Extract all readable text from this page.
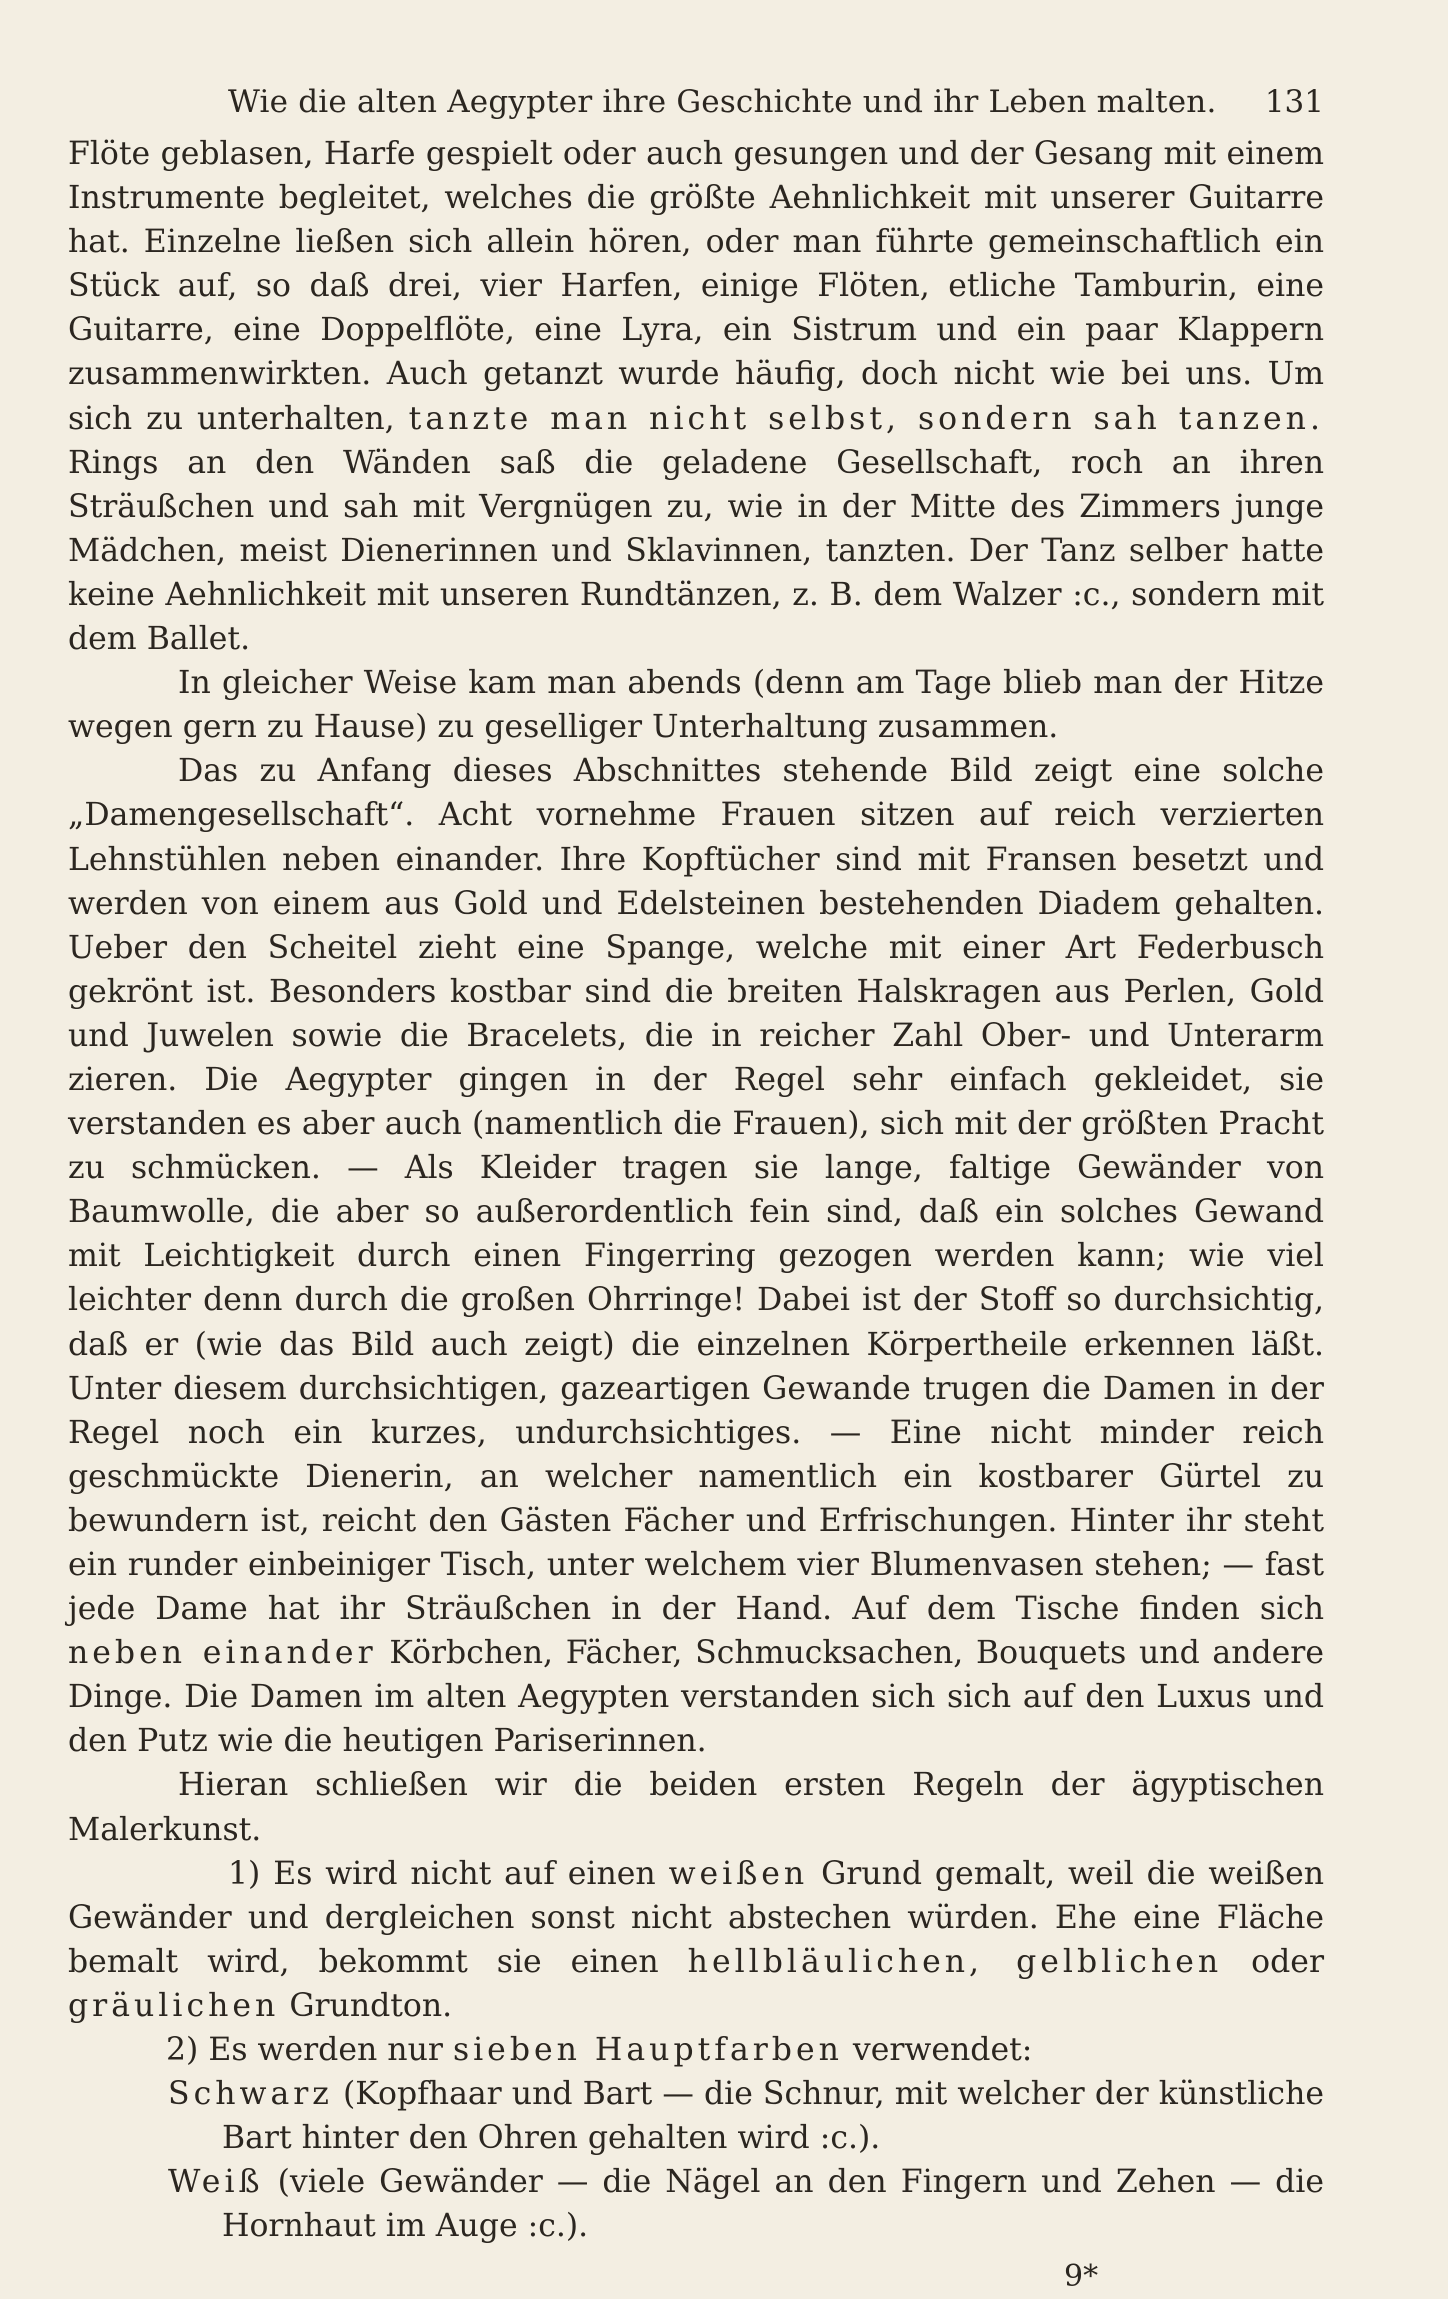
Wie die alten Aegypter ihre Geschichte und ihr Leben malten. 131

Flöte geblasen, Harfe gespielt oder auch gesungen und der Gesang mit einem Instrumente begleitet, welches die größte Aehnlichkeit mit unserer Guitarre hat. Einzelne ließen sich allein hören, oder man führte gemeinschaftlich ein Stück auf, so daß drei, vier Harfen, einige Flöten, etliche Tamburin, eine Guitarre, eine Doppelflöte, eine Lyra, ein Sistrum und ein paar Klappern zusammenwirkten. Auch getanzt wurde häufig, doch nicht wie bei uns. Um sich zu unterhalten, tanzte man nicht selbst, sondern sah tanzen. Rings an den Wänden saß die geladene Gesellschaft, roch an ihren Sträußchen und sah mit Vergnügen zu, wie in der Mitte des Zimmers junge Mädchen, meist Dienerinnen und Sklavinnen, tanzten. Der Tanz selber hatte keine Aehnlichkeit mit unseren Rundtänzen, z. B. dem Walzer :c., sondern mit dem Ballet.

In gleicher Weise kam man abends (denn am Tage blieb man der Hitze wegen gern zu Hause) zu geselliger Unterhaltung zusammen.

Das zu Anfang dieses Abschnittes stehende Bild zeigt eine solche „Damengesellschaft“. Acht vornehme Frauen sitzen auf reich verzierten Lehnstühlen neben einander. Ihre Kopftücher sind mit Fransen besetzt und werden von einem aus Gold und Edelsteinen bestehenden Diadem gehalten. Ueber den Scheitel zieht eine Spange, welche mit einer Art Federbusch gekrönt ist. Besonders kostbar sind die breiten Halskragen aus Perlen, Gold und Juwelen sowie die Bracelets, die in reicher Zahl Ober- und Unterarm zieren. Die Aegypter gingen in der Regel sehr einfach gekleidet, sie verstanden es aber auch (namentlich die Frauen), sich mit der größten Pracht zu schmücken. — Als Kleider tragen sie lange, faltige Gewänder von Baumwolle, die aber so außerordentlich fein sind, daß ein solches Gewand mit Leichtigkeit durch einen Fingerring gezogen werden kann; wie viel leichter denn durch die großen Ohrringe! Dabei ist der Stoff so durchsichtig, daß er (wie das Bild auch zeigt) die einzelnen Körpertheile erkennen läßt. Unter diesem durchsichtigen, gazeartigen Gewande trugen die Damen in der Regel noch ein kurzes, undurchsichtiges. — Eine nicht minder reich geschmückte Dienerin, an welcher namentlich ein kostbarer Gürtel zu bewundern ist, reicht den Gästen Fächer und Erfrischungen. Hinter ihr steht ein runder einbeiniger Tisch, unter welchem vier Blumenvasen stehen; — fast jede Dame hat ihr Sträußchen in der Hand. Auf dem Tische finden sich neben einander Körbchen, Fächer, Schmucksachen, Bouquets und andere Dinge. Die Damen im alten Aegypten verstanden sich sich auf den Luxus und den Putz wie die heutigen Pariserinnen.

Hieran schließen wir die beiden ersten Regeln der ägyptischen Malerkunst.

1) Es wird nicht auf einen weißen Grund gemalt, weil die weißen Gewänder und dergleichen sonst nicht abstechen würden. Ehe eine Fläche bemalt wird, bekommt sie einen hellbläulichen, gelblichen oder gräulichen Grundton.

2) Es werden nur sieben Hauptfarben verwendet:

Schwarz (Kopfhaar und Bart — die Schnur, mit welcher der künstliche Bart hinter den Ohren gehalten wird :c.).

Weiß (viele Gewänder — die Nägel an den Fingern und Zehen — die Hornhaut im Auge :c.).

9*
